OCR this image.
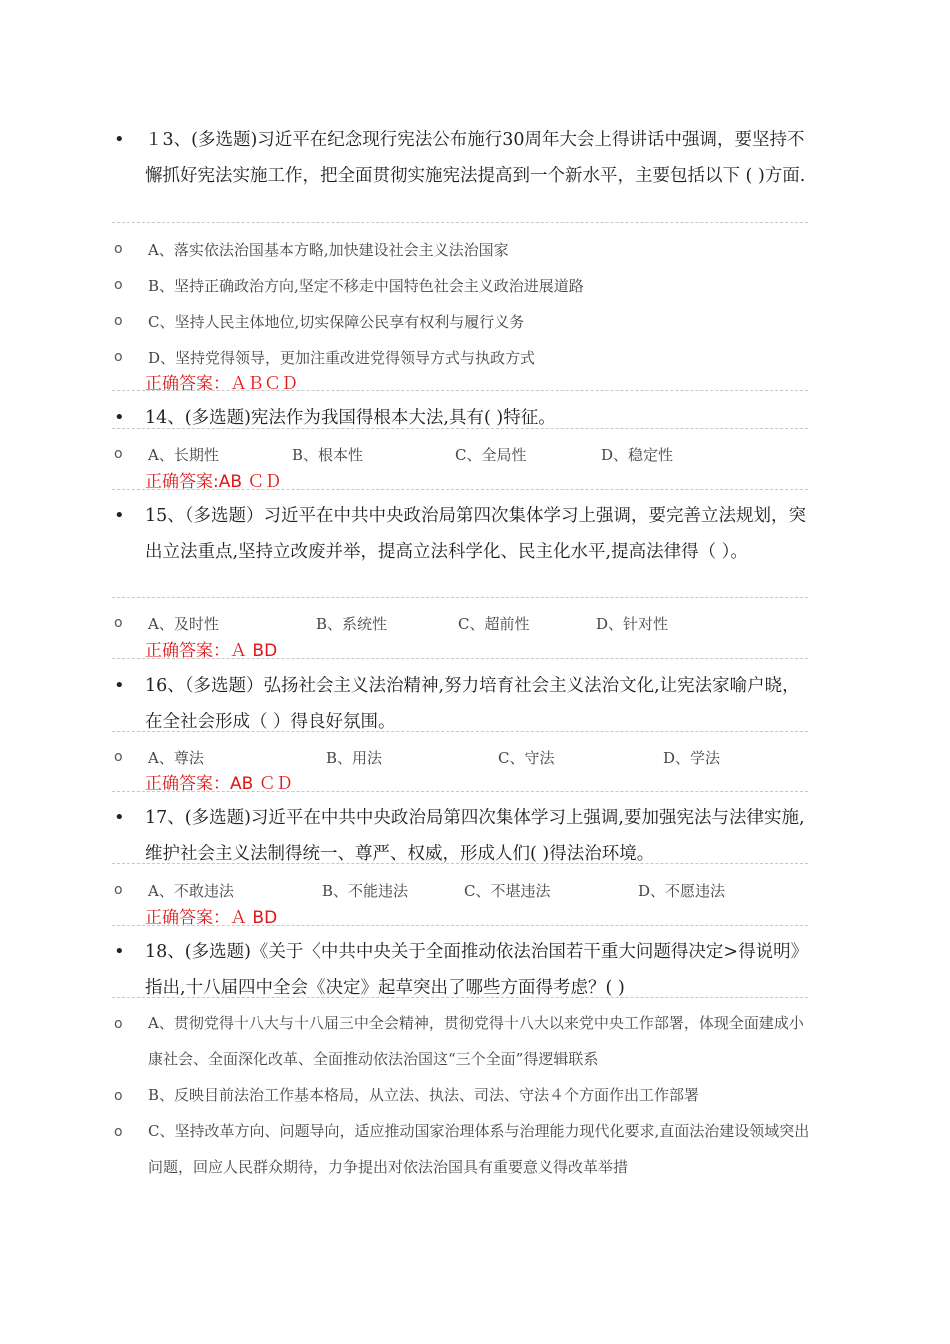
• １3、(多选题)习近平在纪念现行宪法公布施行30周年大会上得讲话中强调，要坚持不懈抓好宪法实施工作，把全面贯彻实施宪法提高到一个新水平，主要包括以下 ( )方面.
o A、落实依法治国基本方略,加快建设社会主义法治国家
o B、坚持正确政治方向,坚定不移走中国特色社会主义政治进展道路
o C、坚持人民主体地位,切实保障公民享有权利与履行义务
o D、坚持党得领导，更加注重改进党得领导方式与执政方式
正确答案：ＡＢＣＤ
• 14、(多选题)宪法作为我国得根本大法,具有( )特征。
o A、长期性	B、根本性	C、全局性	D、稳定性
正确答案:AB ＣＤ
• 15、（多选题）习近平在中共中央政治局第四次集体学习上强调，要完善立法规划，突出立法重点,坚持立改废并举，提高立法科学化、民主化水平,提高法律得（ ）。
o A、及时性	B、系统性	C、超前性	D、针对性
正确答案：Ａ BD
• 16、（多选题）弘扬社会主义法治精神,努力培育社会主义法治文化,让宪法家喻户晓，在全社会形成（ ）得良好氛围。
o A、尊法	B、用法	C、守法	D、学法
正确答案：AB ＣＤ
• 17、(多选题)习近平在中共中央政治局第四次集体学习上强调,要加强宪法与法律实施,维护社会主义法制得统一、尊严、权威，形成人们( )得法治环境。
o A、不敢违法	B、不能违法	C、不堪违法	D、不愿违法
正确答案：Ａ BD
• 18、(多选题)《关于〈中共中央关于全面推动依法治国若干重大问题得决定>得说明》指出,十八届四中全会《决定》起草突出了哪些方面得考虑？( )
o A、贯彻党得十八大与十八届三中全会精神，贯彻党得十八大以来党中央工作部署，体现全面建成小康社会、全面深化改革、全面推动依法治国这“三个全面”得逻辑联系
o B、反映目前法治工作基本格局，从立法、执法、司法、守法４个方面作出工作部署
o C、坚持改革方向、问题导向，适应推动国家治理体系与治理能力现代化要求,直面法治建设领域突出问题，回应人民群众期待，力争提出对依法治国具有重要意义得改革举措
